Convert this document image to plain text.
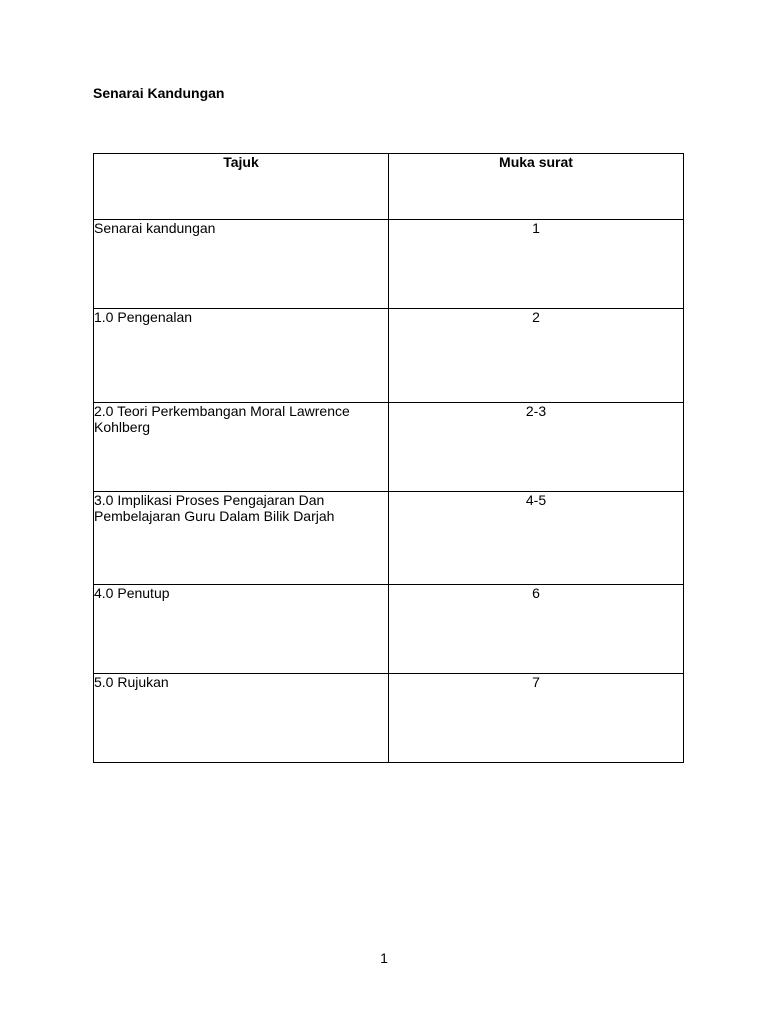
Senarai Kandungan
Tajuk	Muka surat
Senarai kandungan	1
1.0 Pengenalan	2
2.0 Teori Perkembangan Moral Lawrence Kohlberg	2-3
3.0 Implikasi Proses Pengajaran Dan Pembelajaran Guru Dalam Bilik Darjah	4-5
4.0 Penutup	6
5.0 Rujukan	7

1
